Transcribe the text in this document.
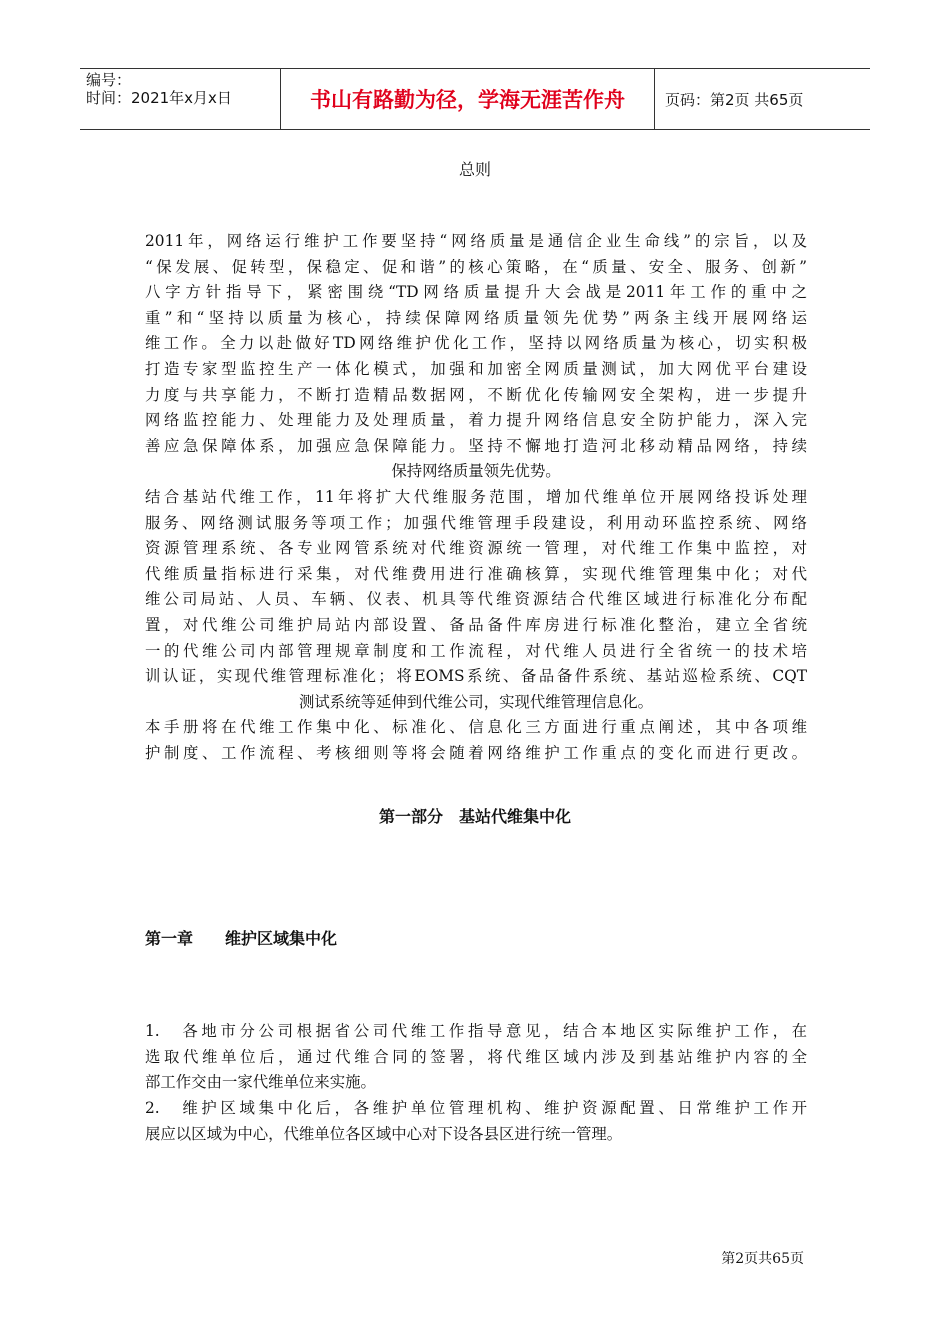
编号：
时间：2021年x月x日	书山有路勤为径，学海无涯苦作舟	页码：第2页 共65页
总则
2011年，网络运行维护工作要坚持“网络质量是通信企业生命线”的宗旨，以及
“保发展、促转型，保稳定、促和谐”的核心策略，在“质量、安全、服务、创新”
八字方针指导下，紧密围绕“TD网络质量提升大会战是2011年工作的重中之
重”和“坚持以质量为核心，持续保障网络质量领先优势”两条主线开展网络运
维工作。全力以赴做好TD网络维护优化工作，坚持以网络质量为核心，切实积极
打造专家型监控生产一体化模式，加强和加密全网质量测试，加大网优平台建设
力度与共享能力，不断打造精品数据网，不断优化传输网安全架构，进一步提升
网络监控能力、处理能力及处理质量，着力提升网络信息安全防护能力，深入完
善应急保障体系，加强应急保障能力。坚持不懈地打造河北移动精品网络，持续
保持网络质量领先优势。
结合基站代维工作，11年将扩大代维服务范围，增加代维单位开展网络投诉处理
服务、网络测试服务等项工作；加强代维管理手段建设，利用动环监控系统、网络
资源管理系统、各专业网管系统对代维资源统一管理，对代维工作集中监控，对
代维质量指标进行采集，对代维费用进行准确核算，实现代维管理集中化；对代
维公司局站、人员、车辆、仪表、机具等代维资源结合代维区域进行标准化分布配
置，对代维公司维护局站内部设置、备品备件库房进行标准化整治，建立全省统
一的代维公司内部管理规章制度和工作流程，对代维人员进行全省统一的技术培
训认证，实现代维管理标准化；将EOMS系统、备品备件系统、基站巡检系统、CQT
测试系统等延伸到代维公司，实现代维管理信息化。
本手册将在代维工作集中化、标准化、信息化三方面进行重点阐述，其中各项维
护制度、工作流程、考核细则等将会随着网络维护工作重点的变化而进行更改。
第一部分　基站代维集中化
第一章　　维护区域集中化
1.　各地市分公司根据省公司代维工作指导意见，结合本地区实际维护工作，在
选取代维单位后，通过代维合同的签署，将代维区域内涉及到基站维护内容的全
部工作交由一家代维单位来实施。
2.　维护区域集中化后，各维护单位管理机构、维护资源配置、日常维护工作开
展应以区域为中心，代维单位各区域中心对下设各县区进行统一管理。
第2页共65页
